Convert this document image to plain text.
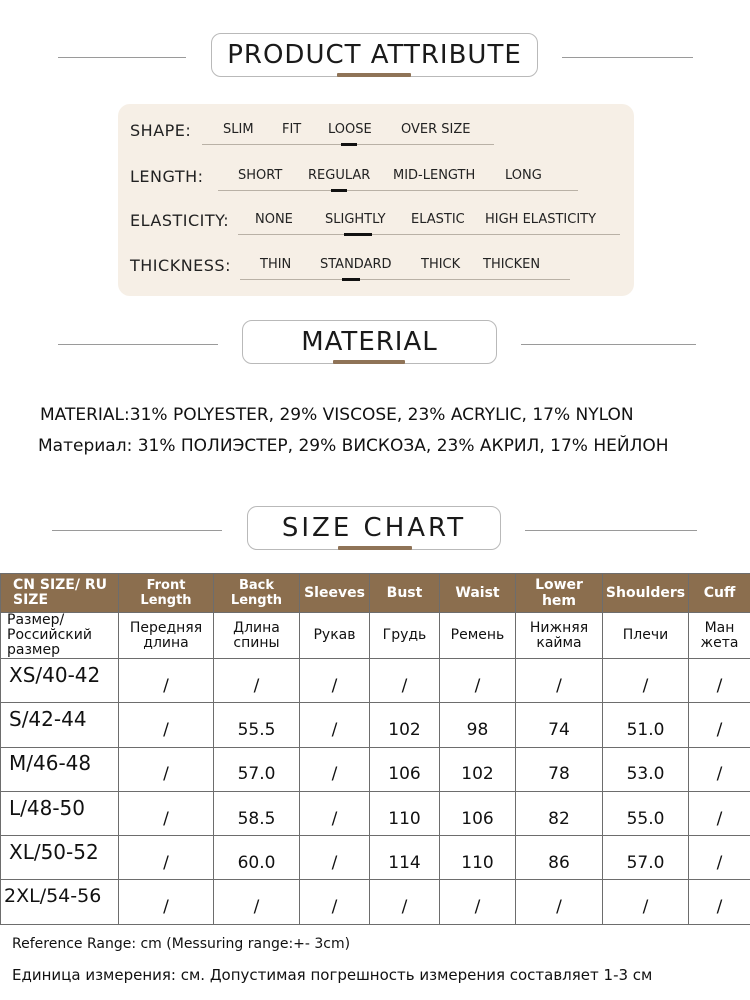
PRODUCT ATTRIBUTE
SHAPE: SLIM FIT LOOSE OVER SIZE
LENGTH:	SHORT REGULAR MID-LENGTH LONG
ELASTICITY: NONE SLIGHTLY ELASTIC HIGH ELASTICITY
THICKNESS: THIN STANDARD THICK THICKEN
MATERIAL
MATERIAL:31% POLYESTER, 29% VISCOSE, 23% ACRYLIC, 17% NYLON
Материал: 31% ПОЛИЭСТЕР, 29% ВИСКОЗА, 23% АКРИЛ, 17% НЕЙЛОН
SIZE CHART
CN SIZE/ RU SIZE	Front Length	Back Length	Sleeves	Bust	Waist	Lower hem	Shoulders	Cuff
Размер/ Российский размер	Передняя длина	Длина спины	Рукав	Грудь	Ремень	Нижняя кайма	Плечи	Ман жета
XS/40-42	/	/	/	/	/	/	/	/
S/42-44	/	55.5	/	102	98	74	51.0	/
M/46-48	/	57.0	/	106	102	78	53.0	/
L/48-50	/	58.5	/	110	106	82	55.0	/
XL/50-52	/	60.0	/	114	110	86	57.0	/
2XL/54-56	/	/	/	/	/	/	/	/
Reference Range: cm (Messuring range:+- 3cm)
Единица измерения: см. Допустимая погрешность измерения составляет 1-3 см
